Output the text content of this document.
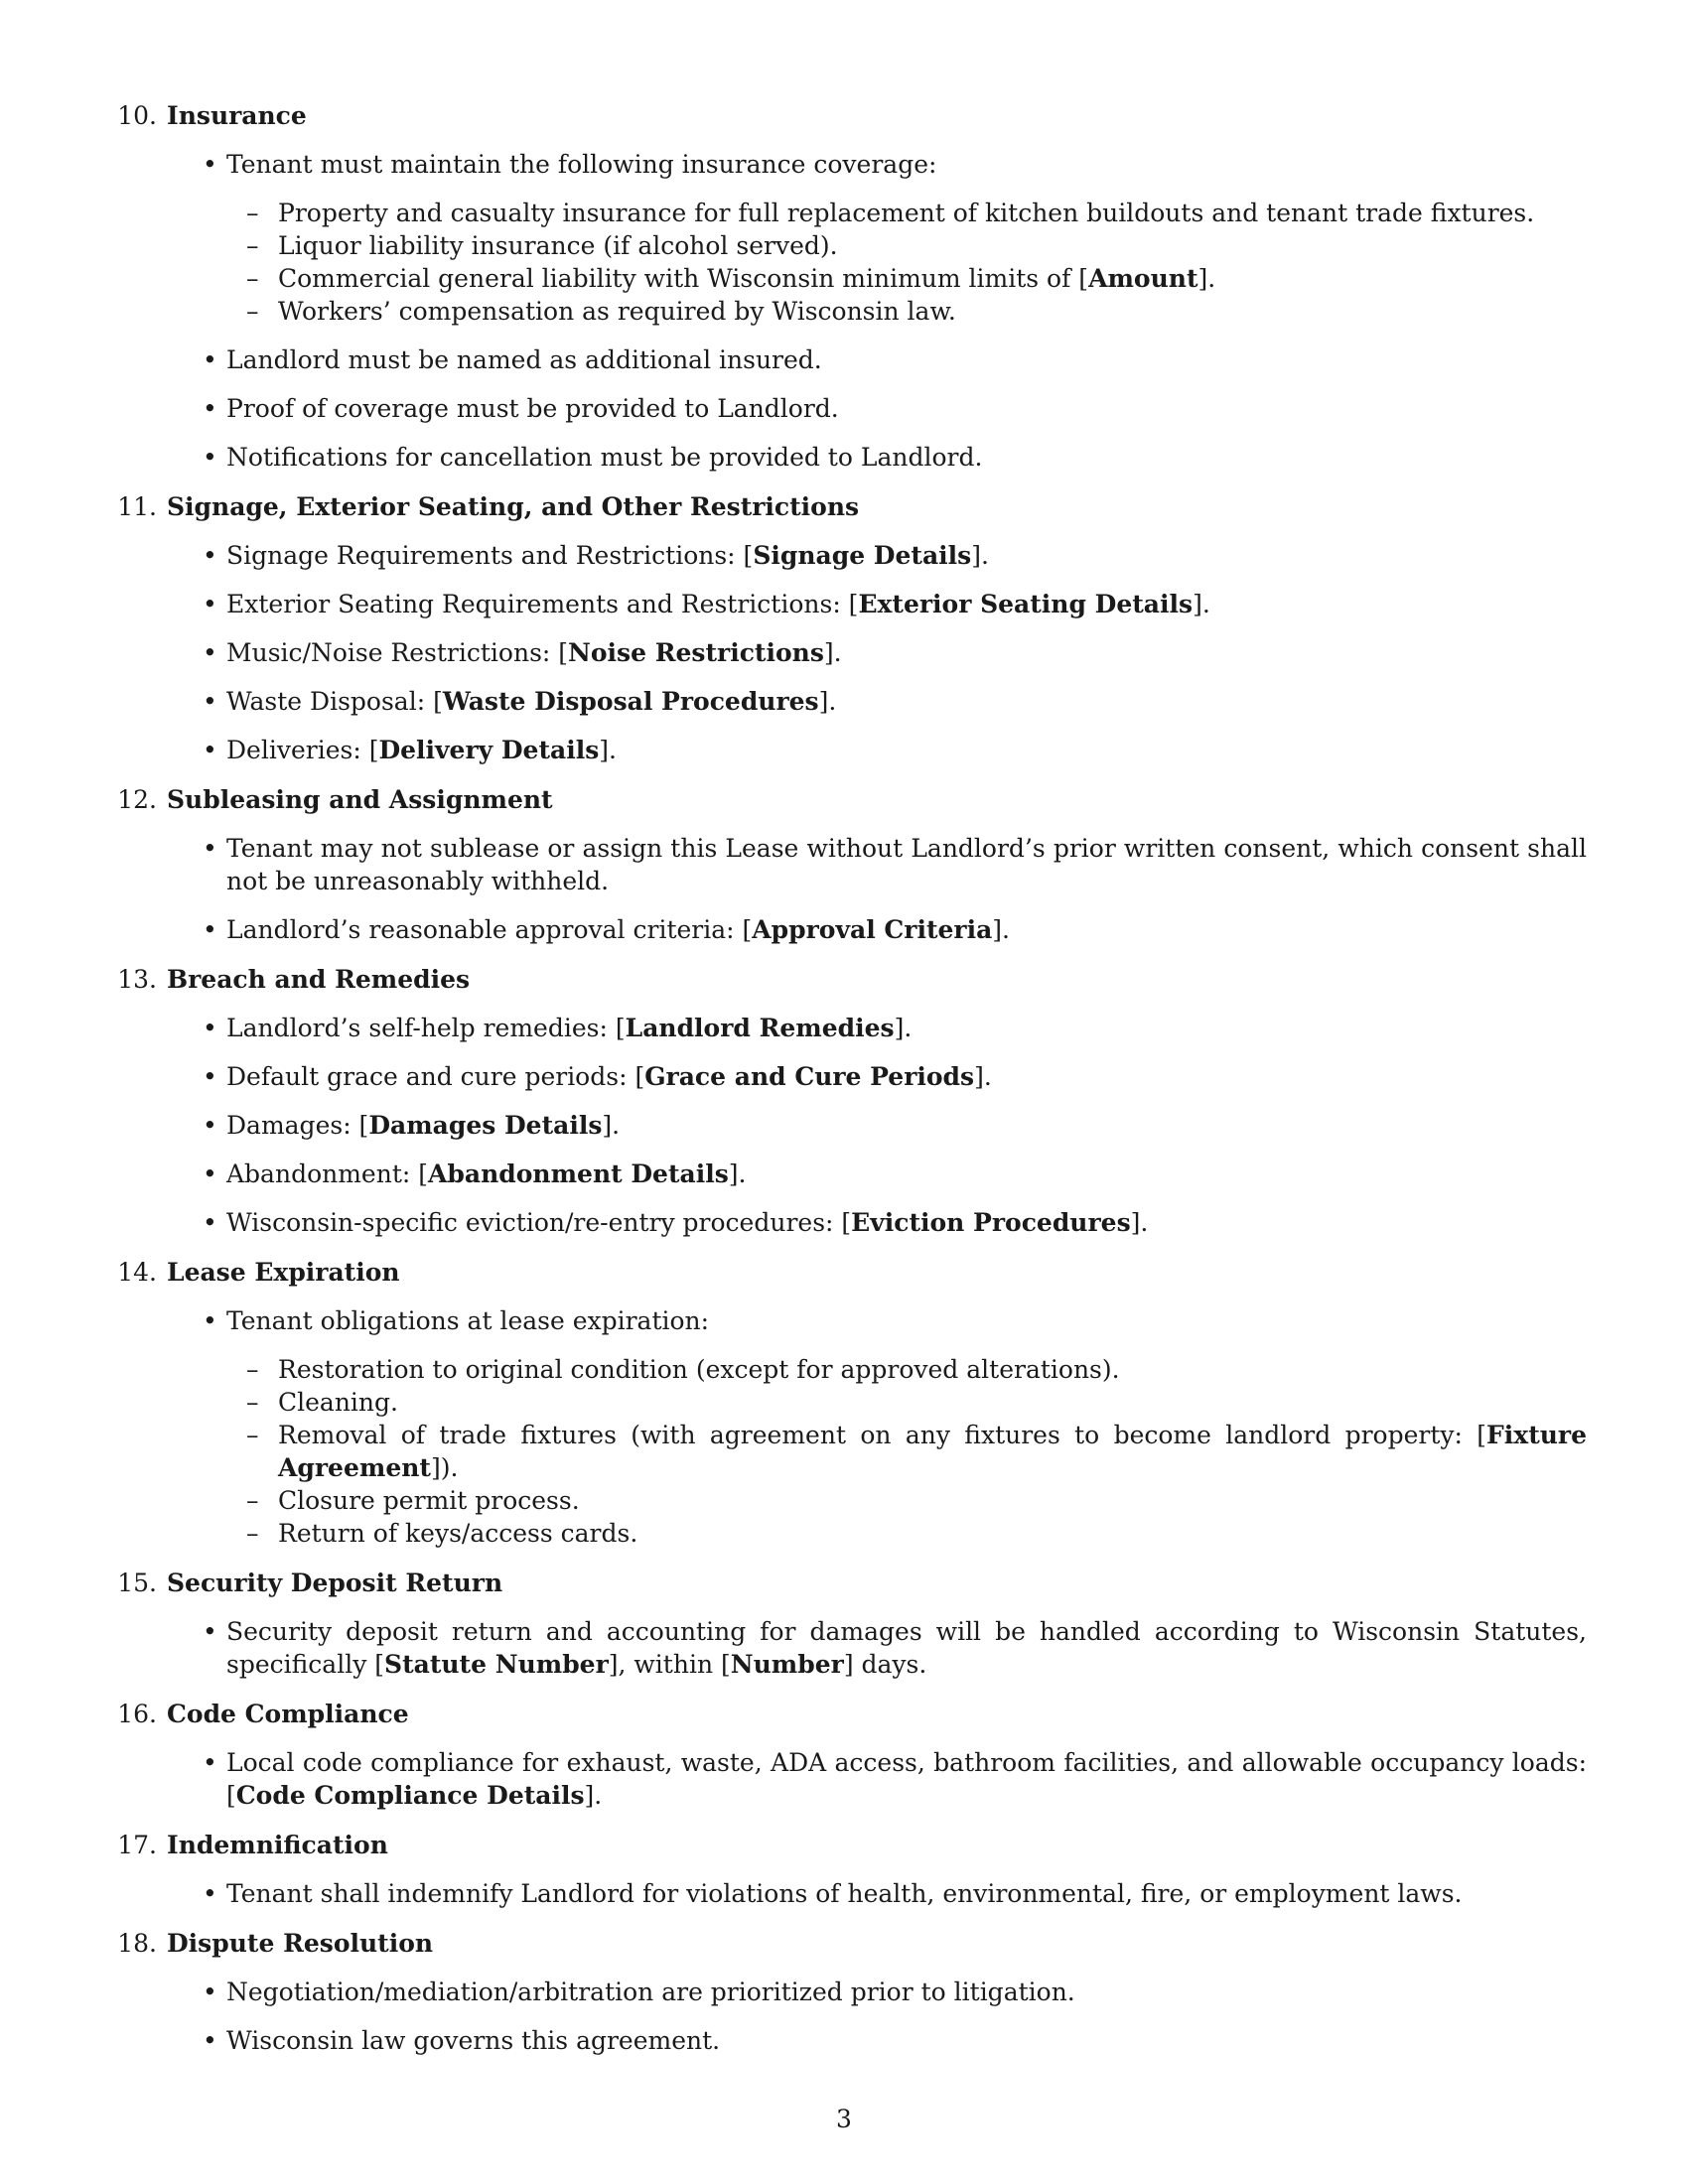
10. Insurance
• Tenant must maintain the following insurance coverage:
– Property and casualty insurance for full replacement of kitchen buildouts and tenant trade fixtures.
– Liquor liability insurance (if alcohol served).
– Commercial general liability with Wisconsin minimum limits of [Amount].
– Workers’ compensation as required by Wisconsin law.
• Landlord must be named as additional insured.
• Proof of coverage must be provided to Landlord.
• Notifications for cancellation must be provided to Landlord.
11. Signage, Exterior Seating, and Other Restrictions
• Signage Requirements and Restrictions: [Signage Details].
• Exterior Seating Requirements and Restrictions: [Exterior Seating Details].
• Music/Noise Restrictions: [Noise Restrictions].
• Waste Disposal: [Waste Disposal Procedures].
• Deliveries: [Delivery Details].
12. Subleasing and Assignment
• Tenant may not sublease or assign this Lease without Landlord’s prior written consent, which consent shall not be unreasonably withheld.
• Landlord’s reasonable approval criteria: [Approval Criteria].
13. Breach and Remedies
• Landlord’s self-help remedies: [Landlord Remedies].
• Default grace and cure periods: [Grace and Cure Periods].
• Damages: [Damages Details].
• Abandonment: [Abandonment Details].
• Wisconsin-specific eviction/re-entry procedures: [Eviction Procedures].
14. Lease Expiration
• Tenant obligations at lease expiration:
– Restoration to original condition (except for approved alterations).
– Cleaning.
– Removal of trade fixtures (with agreement on any fixtures to become landlord property: [Fixture Agreement]).
– Closure permit process.
– Return of keys/access cards.
15. Security Deposit Return
• Security deposit return and accounting for damages will be handled according to Wisconsin Statutes, specifically [Statute Number], within [Number] days.
16. Code Compliance
• Local code compliance for exhaust, waste, ADA access, bathroom facilities, and allowable occupancy loads: [Code Compliance Details].
17. Indemnification
• Tenant shall indemnify Landlord for violations of health, environmental, fire, or employment laws.
18. Dispute Resolution
• Negotiation/mediation/arbitration are prioritized prior to litigation.
• Wisconsin law governs this agreement.
3
